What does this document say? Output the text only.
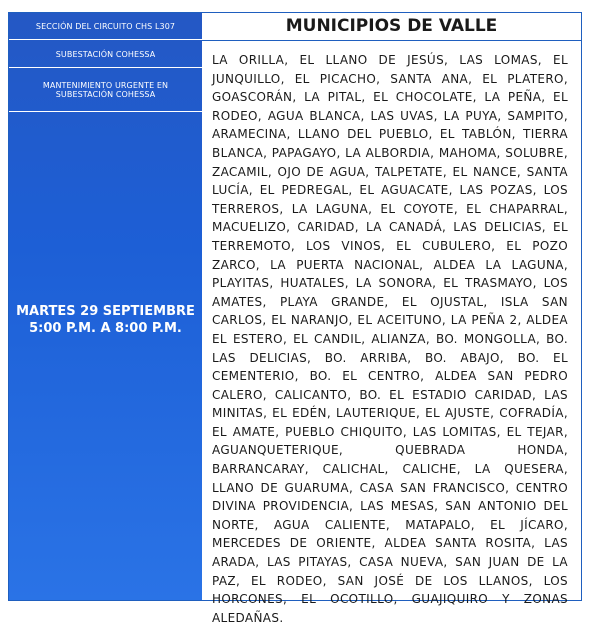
SECCIÓN DEL CIRCUITO CHS L307
SUBESTACIÓN COHESSA
MANTENIMIENTO URGENTE EN SUBESTACIÓN COHESSA
MARTES 29 SEPTIEMBRE
5:00 P.M. A 8:00 P.M.
MUNICIPIOS DE VALLE
LA ORILLA, EL LLANO DE JESÚS, LAS LOMAS, EL JUNQUILLO, EL PICACHO, SANTA ANA, EL PLATERO, GOASCORÁN, LA PITAL, EL CHOCOLATE, LA PEÑA, EL RODEO, AGUA BLANCA, LAS UVAS, LA PUYA, SAMPITO, ARAMECINA, LLANO DEL PUEBLO, EL TABLÓN, TIERRA BLANCA, PAPAGAYO, LA ALBORDIA, MAHOMA, SOLUBRE, ZACAMIL, OJO DE AGUA, TALPETATE, EL NANCE, SANTA LUCÍA, EL PEDREGAL, EL AGUACATE, LAS POZAS, LOS TERREROS, LA LAGUNA, EL COYOTE, EL CHAPARRAL, MACUELIZO, CARIDAD, LA CANADÁ, LAS DELICIAS, EL TERREMOTO, LOS VINOS, EL CUBULERO, EL POZO ZARCO, LA PUERTA NACIONAL, ALDEA LA LAGUNA, PLAYITAS, HUATALES, LA SONORA, EL TRASMAYO, LOS AMATES, PLAYA GRANDE, EL OJUSTAL, ISLA SAN CARLOS, EL NARANJO, EL ACEITUNO, LA PEÑA 2, ALDEA EL ESTERO, EL CANDIL, ALIANZA, BO. MONGOLLA, BO. LAS DELICIAS, BO. ARRIBA, BO. ABAJO, BO. EL CEMENTERIO, BO. EL CENTRO, ALDEA SAN PEDRO CALERO, CALICANTO, BO. EL ESTADIO CARIDAD, LAS MINITAS, EL EDÉN, LAUTERIQUE, EL AJUSTE, COFRADÍA, EL AMATE, PUEBLO CHIQUITO, LAS LOMITAS, EL TEJAR, AGUANQUETERIQUE, QUEBRADA HONDA, BARRANCARAY, CALICHAL, CALICHE, LA QUESERA, LLANO DE GUARUMA, CASA SAN FRANCISCO, CENTRO DIVINA PROVIDENCIA, LAS MESAS, SAN ANTONIO DEL NORTE, AGUA CALIENTE, MATAPALO, EL JÍCARO, MERCEDES DE ORIENTE, ALDEA SANTA ROSITA, LAS ARADA, LAS PITAYAS, CASA NUEVA, SAN JUAN DE LA PAZ, EL RODEO, SAN JOSÉ DE LOS LLANOS, LOS HORCONES, EL OCOTILLO, GUAJIQUIRO Y ZONAS ALEDAÑAS.
